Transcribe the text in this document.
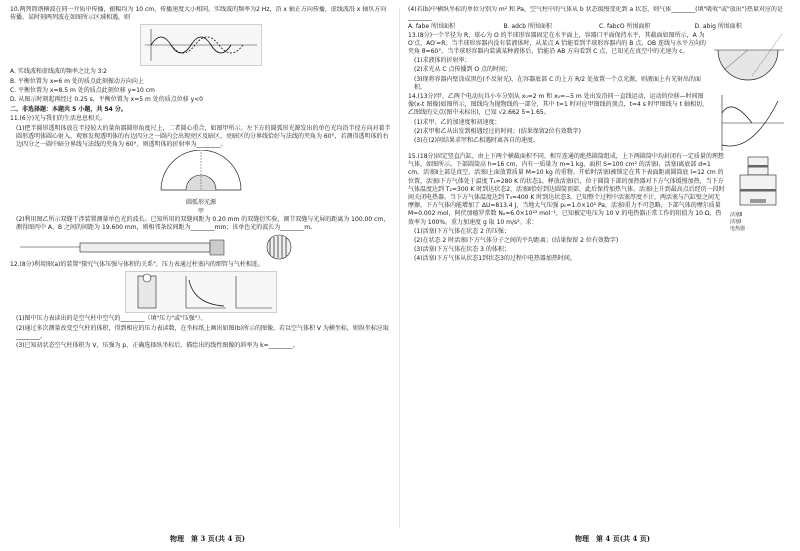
10.两列简谐横波在同一介质中传播，振幅均为 10 cm，传播速度大小相同。实线波的频率为2 Hz，沿 x 轴正方向传播，虚线波沿 x 轴负方向传播。某时刻两列波在如图所示区域相遇，则

A. 实线波和虚线波的频率之比为 3∶2

B. 平衡位置为 x=6 m 处的质点此刻振动方向向上

C. 平衡位置为 x=8.5 m 处的质点此刻位移 y=10 cm

D. 从图示时刻起再经过 0.25 s，平衡位置为 x=5 m 处的质点位移 y<0

二、非选择题：本题共 5 小题，共 54 分。

11.(6分)光与我们的生活息息相关。

(1)把半圆形透明体放在半径较大的量角器圆形角度尺上，二者圆心重合，如图甲所示。左下方的圆弧形光源发出的单色光均沿半径方向对着半圆形透明体圆心射入，观察发现透明体的右边四分之一圆内会出现亮区及暗区，亮暗区的分界线恰好与法线的夹角为 60°，若测得透明体的右边四分之一圆中暗分界线与法线的夹角为 60°，则透明体的折射率为________。

圆弧形光源
甲

(2)利用图乙所示双缝干涉装置测量单色光的波长。已知所用的双缝间距为 0.20 mm 的双缝衍实验，调节双缝与光屏的距离为 100.00 cm，测得图丙中 A、B 之间的间距为 19.600 mm，则相邻条纹间距为________mm；该单色光的波长为________m。

12.(8分)利用图(a)的装置"探究气体压强与体积的关系"，压力表通过柱塞内的细管与气柱相连。

(1)图中压力表读出的是空气柱中空气的________（填"压力"或"压强"）。

(2)通过多次测量改变空气柱的体积，得到相应的压力表读数，在坐标纸上画出如图(b)所示的图像，若以空气体积 V 为横坐标，则纵坐标应取________。

(3)已知初状态空气柱体积为 V，压强为 p，正确选择纵坐标后，描绘出的线性图像的斜率为 k=________。

(4)若(b)中横纵坐标的单位分别为 m² 和 Pa，空气柱中的气体从 b 状态缓慢变化到 a 状态，则气体________(填"吸收"或"放出")热量对应的是________

A. fabe 所围面积	B. adcb 所围面积	C. fabcO 所围面积	D. abig 所围面积

13.(8分)一个半径为 R、球心为 O 的半球形容器固定在水平面上，容器口平面保持水平，其截面如图所示，A 为 O′点，AO′=R。当半球形容器内没有装液体时，从某点 A 恰能看到半球形容器内的 B 点，OB 连线与水平方向的夹角 θ=60°。当半球形容器内装满某种液体后，恰能沿 AB 方向看到 C 点，已知光在真空中的光速为 c。

(1)求液体的折射率；

(2)求光从 C 点传播到 O 点的时间；

(3)现将容器内壁涂成黑色(不反射光)，在容器底部 C 的上方 R/2 处放置一个点光源，则液面上有光射出的面积。

14.(13分)甲、乙两个电动玩具小车分别从 x₀=2 m 和 x₀=−5 m 处出发沿同一直线运动，运动的位移—时间图像(x-t 图像)如图所示，图线均为抛物线的一部分，其中 t=1 时对应甲图线的顶点，t=4 s 时甲图线与 t 轴相切，乙图线的交点(图中未标出)，已知 √2.662 5≈1.65。

(1)求甲、乙的加速度和初速度；

(2)求甲和乙从出发到相遇经过的时间；(结果保留2位有效数字)

(3)在(2)问结果求甲和乙相遇时离各自的速度。

15.(18分)固定竖直汽缸，由上下两个横截面积不同、相互连通的绝热圆筒组成，上下两圆筒中均封闭有一定质量的理想气体，如图所示。下部圆筒高 h=16 cm，内有一质量为 m=1 kg、面积 S=100 cm² 的活塞Ⅰ，活塞Ⅰ离底部 d=1 cm，活塞Ⅱ上部是真空，活塞Ⅰ上面放置质量 M=10 kg 的重物。开始时活塞Ⅰ被锁定在其下表面距离圆筒底 l=12 cm 的位置，活塞Ⅰ下方气体处于温度 T₁=280 K 的状态1。释放活塞Ⅰ后，位于圆筒下部的加热器对下方气体缓慢加热，当下方气体温度达到 T₂=300 K 时到达状态2，活塞Ⅱ恰好到达圆筒顶部，此后保持加热气体，活塞Ⅰ上升到最高点后经历一段时间关闭电热器。当下方气体温度达到 T₃=400 K 时到达状态3。已知整个过程中活塞厚度不计，两活塞与汽缸壁之间无摩擦，下方气体内能增加了 ΔU=813.4 J，当地大气压强 p₀=1.0×10⁵ Pa，活塞Ⅰ重力不可忽略，下部气体的摩尔质量 M=0.002 mol，阿伏加德罗常数 Nₐ=6.0×10²³ mol⁻¹，已知被定电压为 10 V 的电热器正常工作的阻值为 10 Ω，热效率为 100%，重力加速度 g 取 10 m/s²。求：

(1)活塞Ⅰ下方气体在状态 2 的压强；

(2)在状态 2 时活塞Ⅰ下方气体分子之间的平均距离；(结果保留 2 位有效数字)

(3)活塞Ⅰ下方气体在状态 3 的体积；

(4)活塞Ⅰ下方气体从状态1到状态3的过程中电热器加热时间。

活塞Ⅱ
活塞Ⅰ
电热器
物理　第 3 页(共 4 页)	物理　第 4 页(共 4 页)
